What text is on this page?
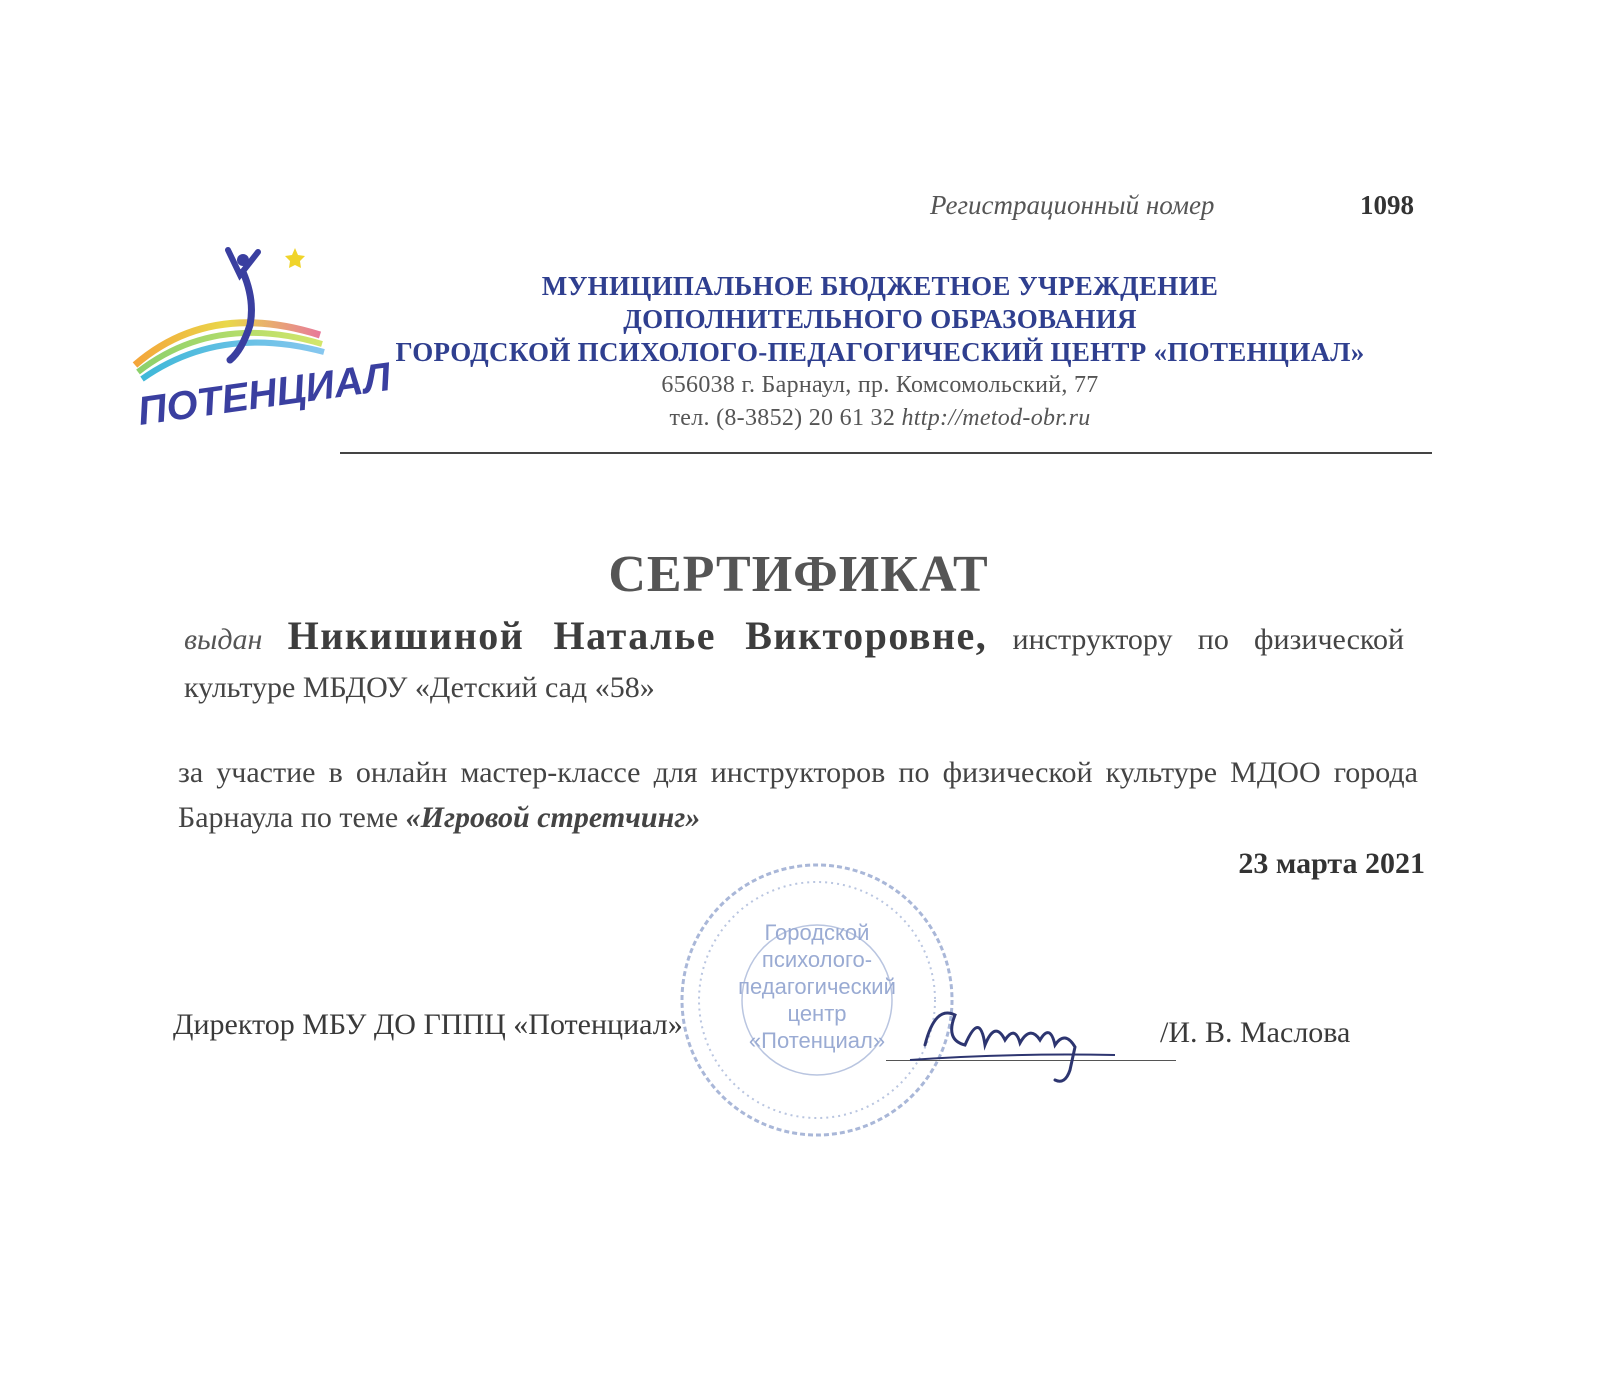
Регистрационный номер	1098
ПОТЕНЦИАЛ
МУНИЦИПАЛЬНОЕ БЮДЖЕТНОЕ УЧРЕЖДЕНИЕ
ДОПОЛНИТЕЛЬНОГО ОБРАЗОВАНИЯ
ГОРОДСКОЙ ПСИХОЛОГО-ПЕДАГОГИЧЕСКИЙ ЦЕНТР «ПОТЕНЦИАЛ»
656038 г. Барнаул, пр. Комсомольский, 77
тел. (8-3852) 20 61 32 http://metod-obr.ru
СЕРТИФИКАТ
выдан Никишиной Наталье Викторовне, инструктору по физической культуре МБДОУ «Детский сад «58»
за участие в онлайн мастер-классе для инструкторов по физической культуре МДОО города Барнаула по теме «Игровой стретчинг»
23 марта 2021
Городской
психолого-
педагогический
центр
«Потенциал»
Директор МБУ ДО ГППЦ «Потенциал»	/И. В. Маслова
